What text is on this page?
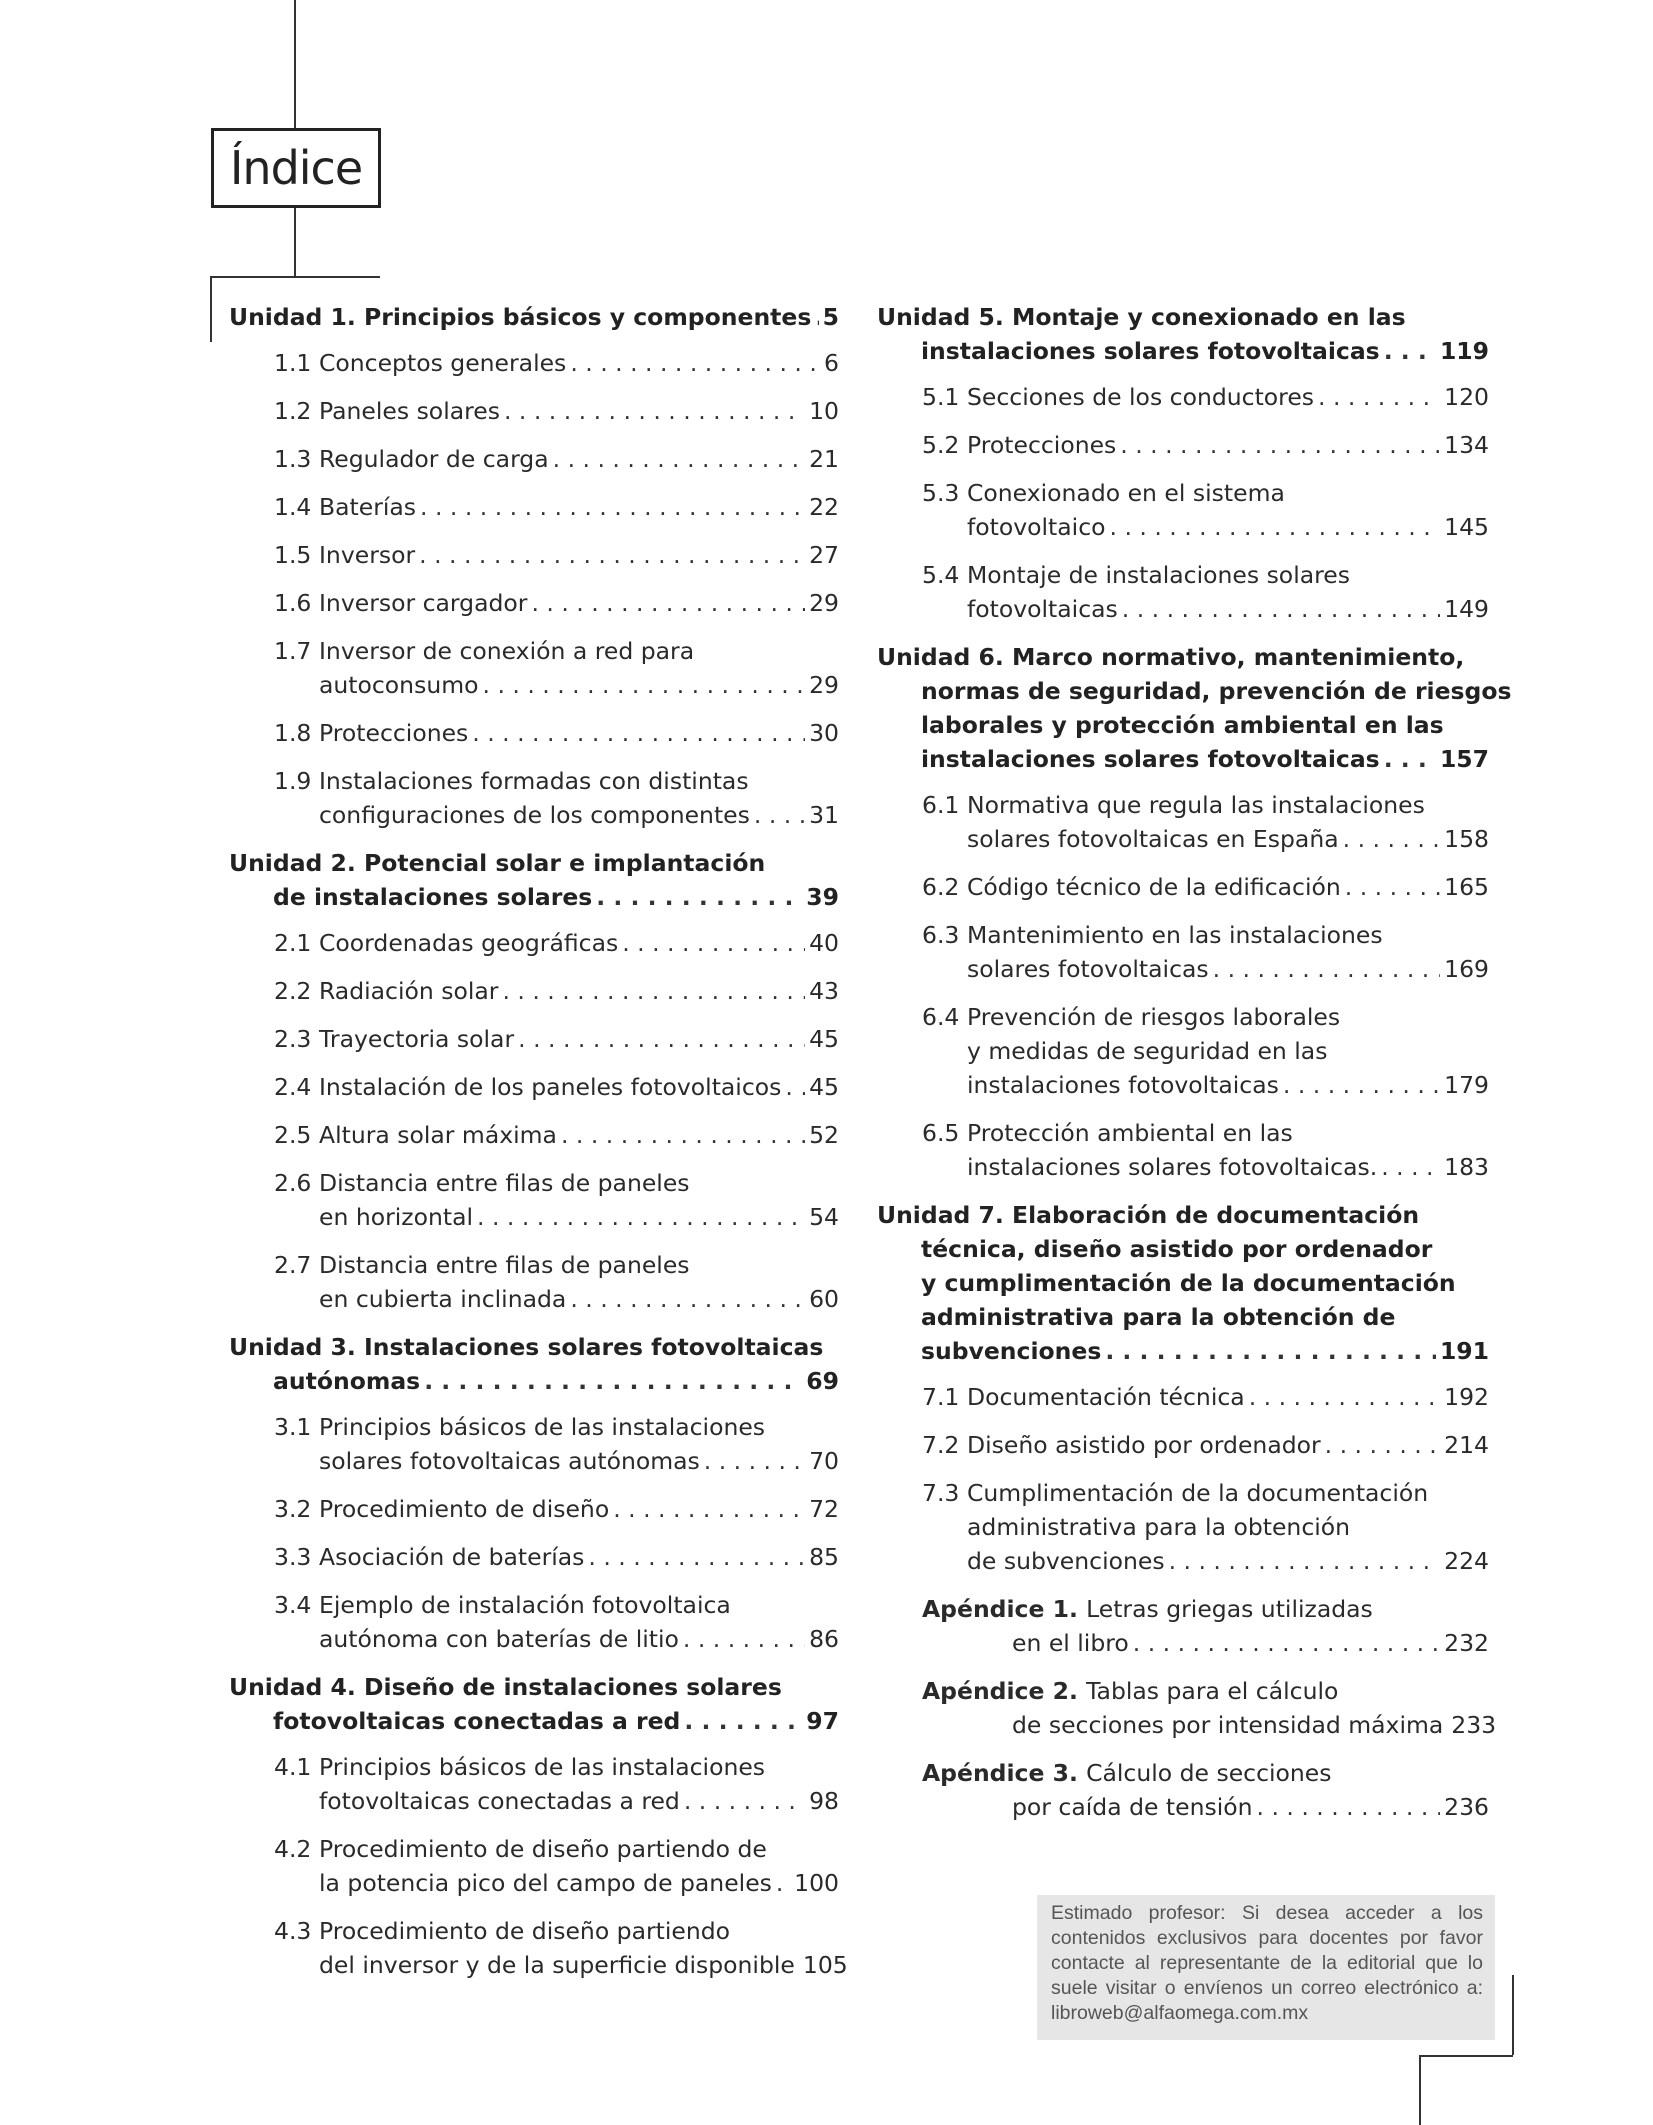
Índice
Unidad 1. Principios básicos y componentes . . . 5
1.1 Conceptos generales . . .	6
1.2 Paneles solares . . .	10
1.3 Regulador de carga . . .	21
1.4 Baterías . . .	22
1.5 Inversor . . .	27
1.6 Inversor cargador . . .	29
1.7 Inversor de conexión a red para
autoconsumo . . .	29
1.8 Protecciones . . .	30
1.9 Instalaciones formadas con distintas
configuraciones de los componentes . . .	31
Unidad 2. Potencial solar e implantación
de instalaciones solares . . .	39
2.1 Coordenadas geográficas . . .	40
2.2 Radiación solar . . .	43
2.3 Trayectoria solar . . .	45
2.4 Instalación de los paneles fotovoltaicos . . . 45
2.5 Altura solar máxima . . .	52
2.6 Distancia entre filas de paneles
en horizontal . . .	54
2.7 Distancia entre filas de paneles
en cubierta inclinada . . .	60
Unidad 3. Instalaciones solares fotovoltaicas
autónomas . . .	69
3.1 Principios básicos de las instalaciones
solares fotovoltaicas autónomas . . .	70
3.2 Procedimiento de diseño . . .	72
3.3 Asociación de baterías . . .	85
3.4 Ejemplo de instalación fotovoltaica
autónoma con baterías de litio . . .	86
Unidad 4. Diseño de instalaciones solares
fotovoltaicas conectadas a red . . .	97
4.1 Principios básicos de las instalaciones
fotovoltaicas conectadas a red . . .	98
4.2 Procedimiento de diseño partiendo de
la potencia pico del campo de paneles . . . 100
4.3 Procedimiento de diseño partiendo
del inversor y de la superficie disponible 105
Unidad 5. Montaje y conexionado en las
instalaciones solares fotovoltaicas . . .	119
5.1 Secciones de los conductores . . .	120
5.2 Protecciones . . .	134
5.3 Conexionado en el sistema
fotovoltaico . . .	145
5.4 Montaje de instalaciones solares
fotovoltaicas . . .	149
Unidad 6. Marco normativo, mantenimiento,
normas de seguridad, prevención de riesgos
laborales y protección ambiental en las
instalaciones solares fotovoltaicas . . .	157
6.1 Normativa que regula las instalaciones
solares fotovoltaicas en España . . .	158
6.2 Código técnico de la edificación . . .	165
6.3 Mantenimiento en las instalaciones
solares fotovoltaicas . . .	169
6.4 Prevención de riesgos laborales
y medidas de seguridad en las
instalaciones fotovoltaicas . . .	179
6.5 Protección ambiental en las
instalaciones solares fotovoltaicas. . . .	183
Unidad 7. Elaboración de documentación
técnica, diseño asistido por ordenador
y cumplimentación de la documentación
administrativa para la obtención de
subvenciones . . .	191
7.1 Documentación técnica . . .	192
7.2 Diseño asistido por ordenador . . .	214
7.3 Cumplimentación de la documentación
administrativa para la obtención
de subvenciones . . .	224
Apéndice 1. Letras griegas utilizadas
en el libro . . .	232
Apéndice 2. Tablas para el cálculo
de secciones por intensidad máxima 233
Apéndice 3. Cálculo de secciones
por caída de tensión . . .	236
Estimado profesor: Si desea acceder a los contenidos exclusivos para docentes por favor contacte al representante de la editorial que lo suele visitar o envíenos un correo electrónico a: libroweb@alfaomega.com.mx
